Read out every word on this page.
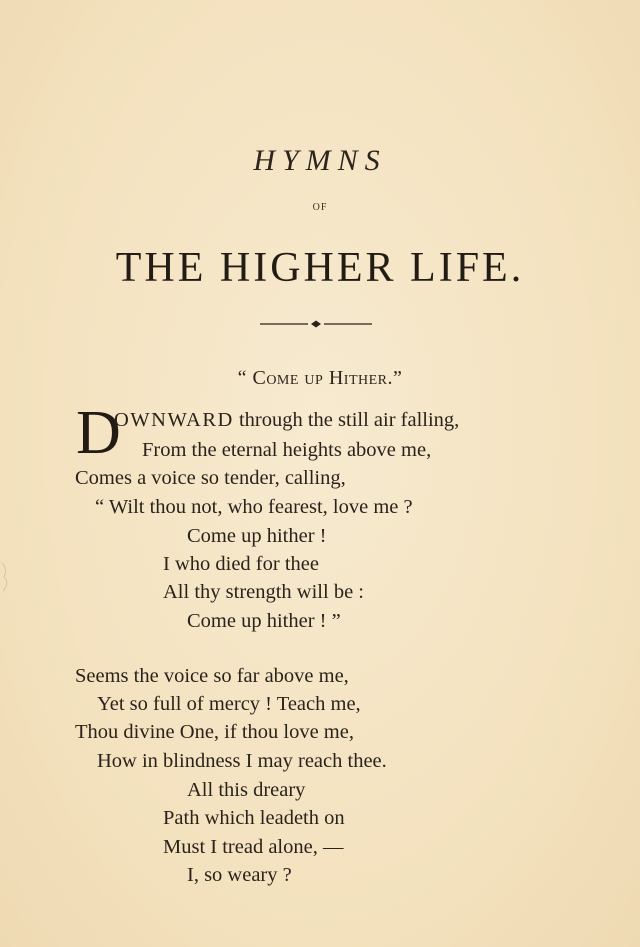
HYMNS
OF
THE HIGHER LIFE.
“ Come up Hither.”
D
OWNWARD through the still air falling,
From the eternal heights above me,
Comes a voice so tender, calling,
“ Wilt thou not, who fearest, love me ?
Come up hither !
I who died for thee
All thy strength will be :
Come up hither ! ”
Seems the voice so far above me,
Yet so full of mercy ! Teach me,
Thou divine One, if thou love me,
How in blindness I may reach thee.
All this dreary
Path which leadeth on
Must I tread alone, —
I, so weary ?
